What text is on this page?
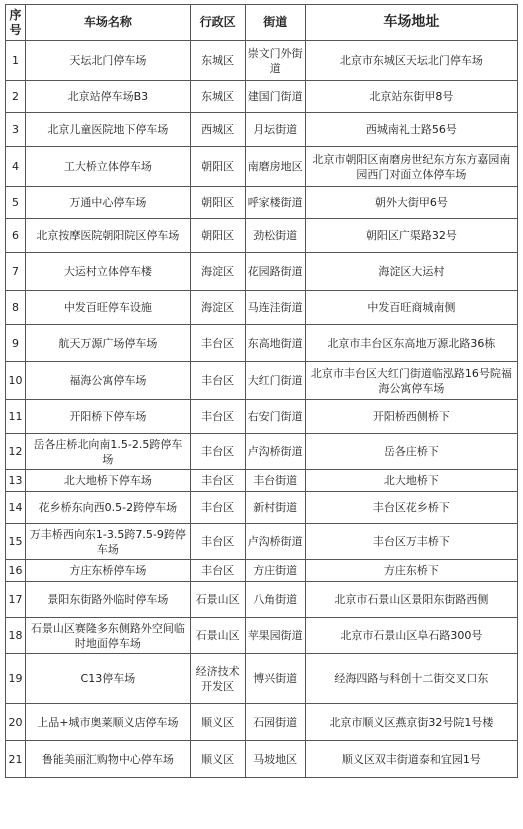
序号	车场名称	行政区	街道	车场地址
1	天坛北门停车场	东城区	崇文门外街道	北京市东城区天坛北门停车场
2	北京站停车场B3	东城区	建国门街道	北京站东街甲8号
3	北京儿童医院地下停车场	西城区	月坛街道	西城南礼士路56号
4	工大桥立体停车场	朝阳区	南磨房地区	北京市朝阳区南磨房世纪东方东方嘉园南园西门对面立体停车场
5	万通中心停车场	朝阳区	呼家楼街道	朝外大街甲6号
6	北京按摩医院朝阳院区停车场	朝阳区	劲松街道	朝阳区广渠路32号
7	大运村立体停车楼	海淀区	花园路街道	海淀区大运村
8	中发百旺停车设施	海淀区	马连洼街道	中发百旺商城南侧
9	航天万源广场停车场	丰台区	东高地街道	北京市丰台区东高地万源北路36栋
10	福海公寓停车场	丰台区	大红门街道	北京市丰台区大红门街道临泓路16号院福海公寓停车场
11	开阳桥下停车场	丰台区	右安门街道	开阳桥西侧桥下
12	岳各庄桥北向南1.5-2.5跨停车场	丰台区	卢沟桥街道	岳各庄桥下
13	北大地桥下停车场	丰台区	丰台街道	北大地桥下
14	花乡桥东向西0.5-2跨停车场	丰台区	新村街道	丰台区花乡桥下
15	万丰桥西向东1-3.5跨7.5-9跨停车场	丰台区	卢沟桥街道	丰台区万丰桥下
16	方庄东桥停车场	丰台区	方庄街道	方庄东桥下
17	景阳东街路外临时停车场	石景山区	八角街道	北京市石景山区景阳东街路西侧
18	石景山区赛隆多东侧路外空间临时地面停车场	石景山区	苹果园街道	北京市石景山区阜石路300号
19	C13停车场	经济技术开发区	博兴街道	经海四路与科创十二街交叉口东
20	上品+城市奥莱顺义店停车场	顺义区	石园街道	北京市顺义区燕京街32号院1号楼
21	鲁能美丽汇购物中心停车场	顺义区	马坡地区	顺义区双丰街道泰和宜园1号
